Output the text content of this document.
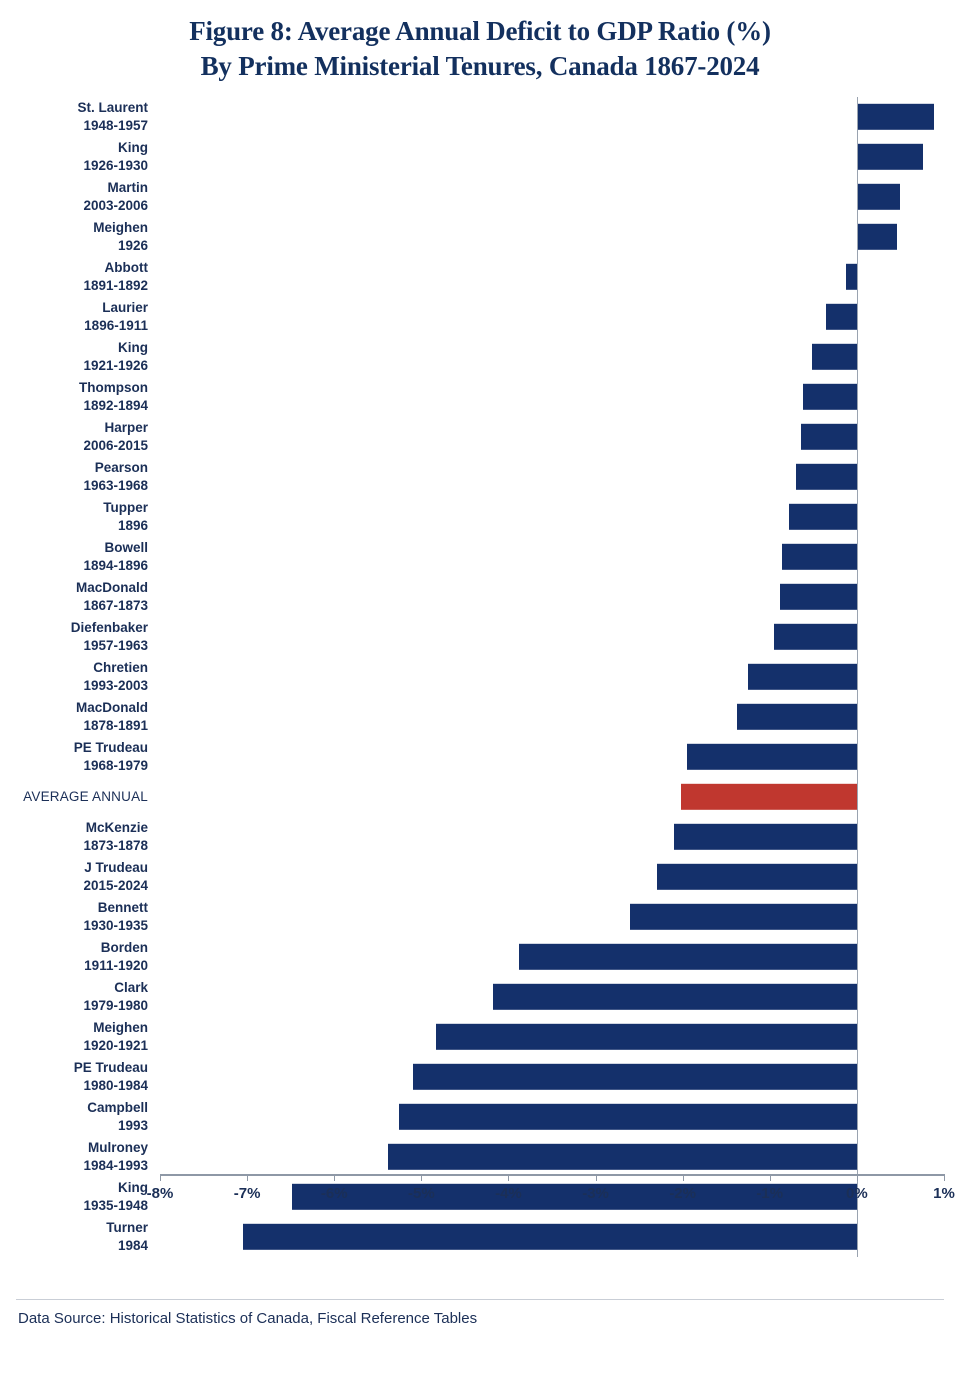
Figure 8: Average Annual Deficit to GDP Ratio (%)
By Prime Ministerial Tenures, Canada 1867-2024
St. Laurent
1948-1957
King
1926-1930
Martin
2003-2006
Meighen
1926
Abbott
1891-1892
Laurier
1896-1911
King
1921-1926
Thompson
1892-1894
Harper
2006-2015
Pearson
1963-1968
Tupper
1896
Bowell
1894-1896
MacDonald
1867-1873
Diefenbaker
1957-1963
Chretien
1993-2003
MacDonald
1878-1891
PE Trudeau
1968-1979
AVERAGE ANNUAL
McKenzie
1873-1878
J Trudeau
2015-2024
Bennett
1930-1935
Borden
1911-1920
Clark
1979-1980
Meighen
1920-1921
PE Trudeau
1980-1984
Campbell
1993
Mulroney
1984-1993
King
1935-1948
Turner
1984
-8%	-7%	-6%	-5%	-4%	-3%	-2%	-1%	0%	1%
Data Source: Historical Statistics of Canada, Fiscal Reference Tables
